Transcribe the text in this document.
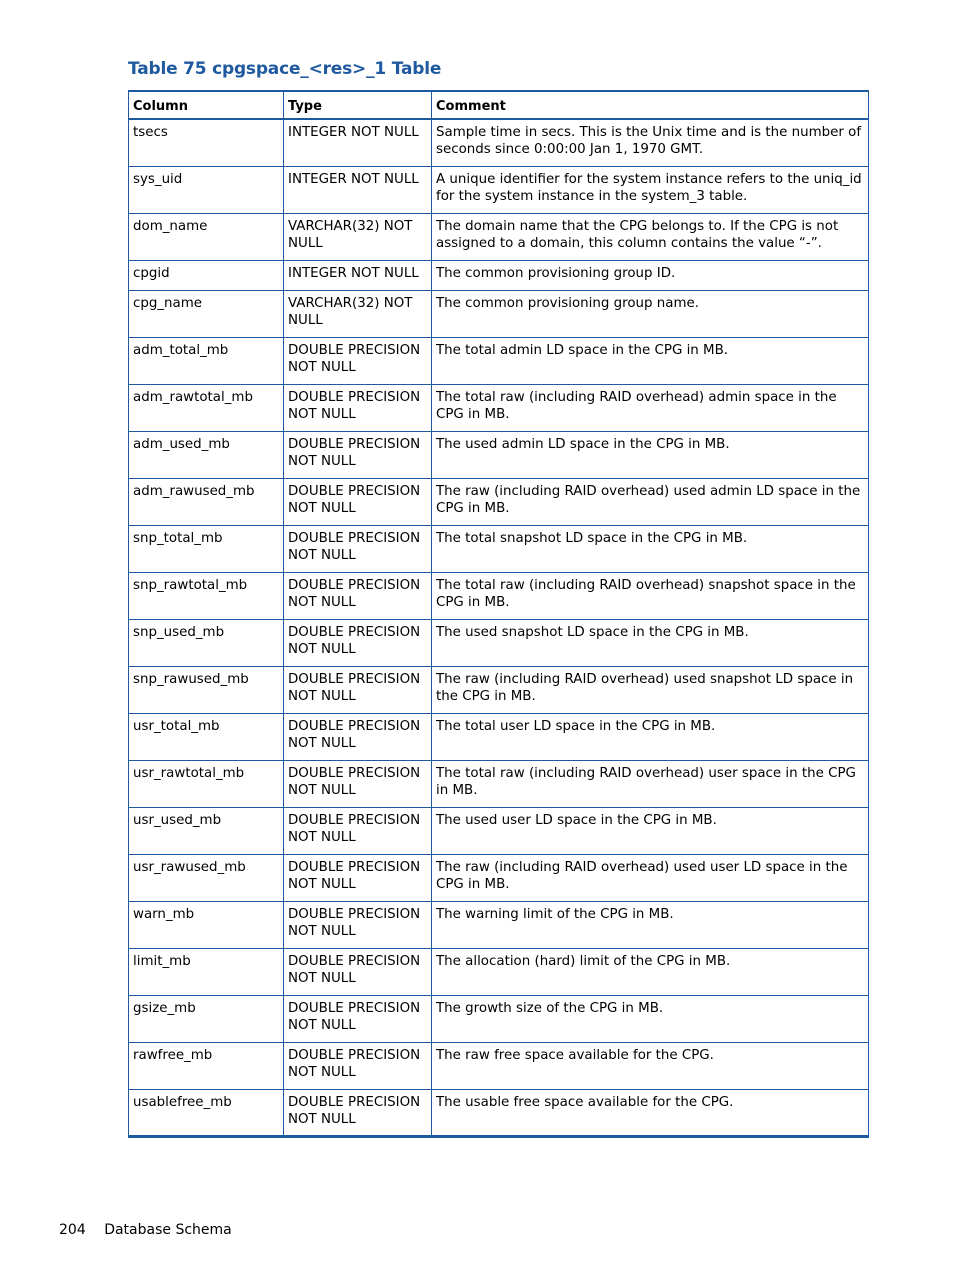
Table 75 cpgspace_<res>_1 Table
Column	Type	Comment
tsecs	INTEGER NOT NULL	Sample time in secs. This is the Unix time and is the number of seconds since 0:00:00 Jan 1, 1970 GMT.
sys_uid	INTEGER NOT NULL	A unique identifier for the system instance refers to the uniq_id for the system instance in the system_3 table.
dom_name	VARCHAR(32) NOT NULL	The domain name that the CPG belongs to. If the CPG is not assigned to a domain, this column contains the value “-”.
cpgid	INTEGER NOT NULL	The common provisioning group ID.
cpg_name	VARCHAR(32) NOT NULL	The common provisioning group name.
adm_total_mb	DOUBLE PRECISION NOT NULL	The total admin LD space in the CPG in MB.
adm_rawtotal_mb	DOUBLE PRECISION NOT NULL	The total raw (including RAID overhead) admin space in the CPG in MB.
adm_used_mb	DOUBLE PRECISION NOT NULL	The used admin LD space in the CPG in MB.
adm_rawused_mb	DOUBLE PRECISION NOT NULL	The raw (including RAID overhead) used admin LD space in the CPG in MB.
snp_total_mb	DOUBLE PRECISION NOT NULL	The total snapshot LD space in the CPG in MB.
snp_rawtotal_mb	DOUBLE PRECISION NOT NULL	The total raw (including RAID overhead) snapshot space in the CPG in MB.
snp_used_mb	DOUBLE PRECISION NOT NULL	The used snapshot LD space in the CPG in MB.
snp_rawused_mb	DOUBLE PRECISION NOT NULL	The raw (including RAID overhead) used snapshot LD space in the CPG in MB.
usr_total_mb	DOUBLE PRECISION NOT NULL	The total user LD space in the CPG in MB.
usr_rawtotal_mb	DOUBLE PRECISION NOT NULL	The total raw (including RAID overhead) user space in the CPG in MB.
usr_used_mb	DOUBLE PRECISION NOT NULL	The used user LD space in the CPG in MB.
usr_rawused_mb	DOUBLE PRECISION NOT NULL	The raw (including RAID overhead) used user LD space in the CPG in MB.
warn_mb	DOUBLE PRECISION NOT NULL	The warning limit of the CPG in MB.
limit_mb	DOUBLE PRECISION NOT NULL	The allocation (hard) limit of the CPG in MB.
gsize_mb	DOUBLE PRECISION NOT NULL	The growth size of the CPG in MB.
rawfree_mb	DOUBLE PRECISION NOT NULL	The raw free space available for the CPG.
usablefree_mb	DOUBLE PRECISION NOT NULL	The usable free space available for the CPG.
204 Database Schema
